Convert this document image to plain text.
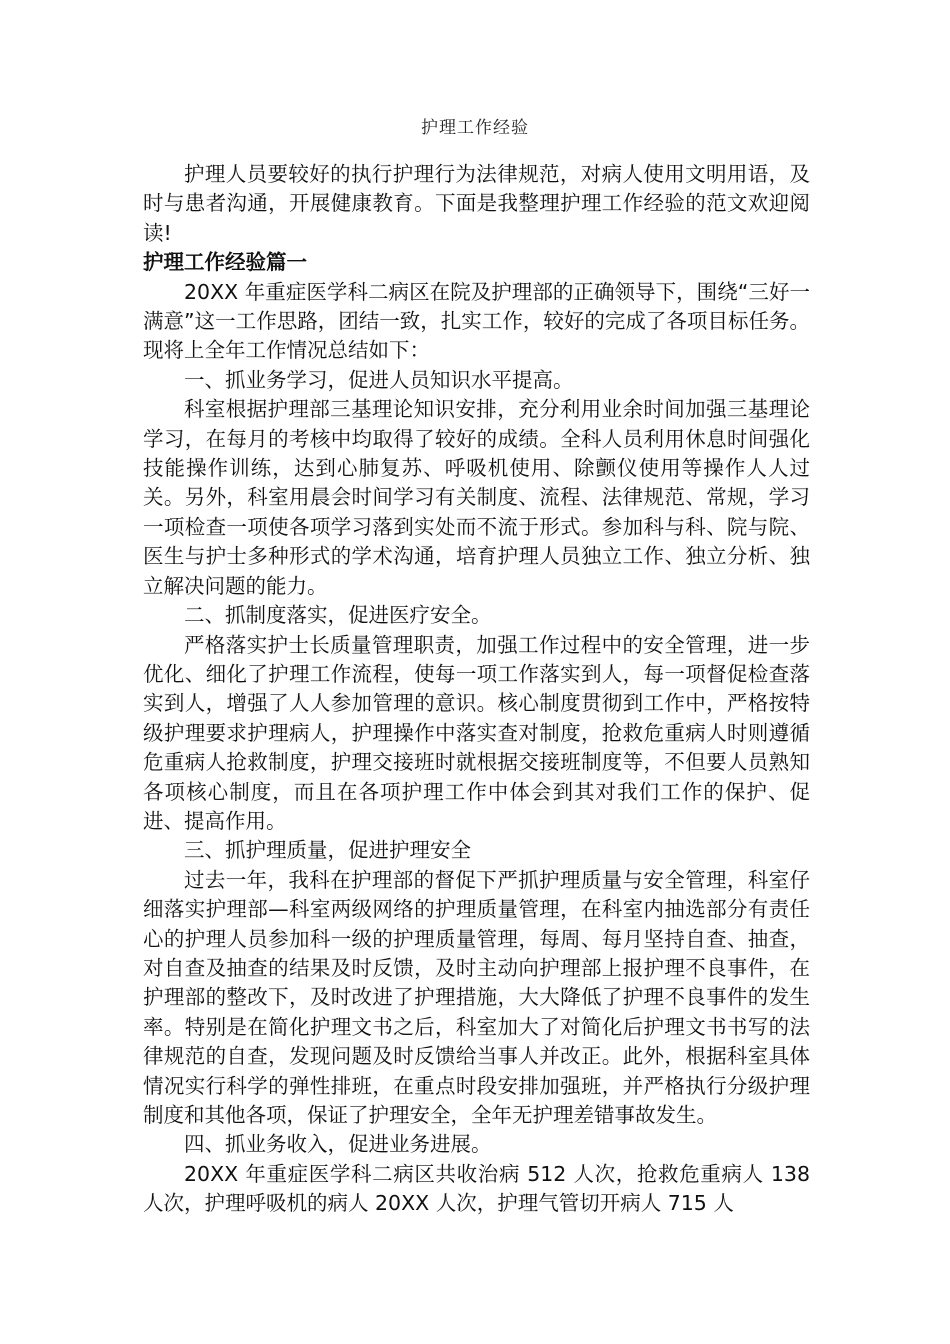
护理工作经验

护理人员要较好的执行护理行为法律规范，对病人使用文明用语，及时与患者沟通，开展健康教育。下面是我整理护理工作经验的范文欢迎阅读!

护理工作经验篇一

20XX 年重症医学科二病区在院及护理部的正确领导下，围绕“三好一满意”这一工作思路，团结一致，扎实工作，较好的完成了各项目标任务。现将上全年工作情况总结如下：

一、抓业务学习，促进人员知识水平提高。

科室根据护理部三基理论知识安排，充分利用业余时间加强三基理论学习，在每月的考核中均取得了较好的成绩。全科人员利用休息时间强化技能操作训练，达到心肺复苏、呼吸机使用、除颤仪使用等操作人人过关。另外，科室用晨会时间学习有关制度、流程、法律规范、常规，学习一项检查一项使各项学习落到实处而不流于形式。参加科与科、院与院、医生与护士多种形式的学术沟通，培育护理人员独立工作、独立分析、独立解决问题的能力。

二、抓制度落实，促进医疗安全。

严格落实护士长质量管理职责，加强工作过程中的安全管理，进一步优化、细化了护理工作流程，使每一项工作落实到人，每一项督促检查落实到人，增强了人人参加管理的意识。核心制度贯彻到工作中，严格按特级护理要求护理病人，护理操作中落实查对制度，抢救危重病人时则遵循危重病人抢救制度，护理交接班时就根据交接班制度等，不但要人员熟知各项核心制度，而且在各项护理工作中体会到其对我们工作的保护、促进、提高作用。

三、抓护理质量，促进护理安全

过去一年，我科在护理部的督促下严抓护理质量与安全管理，科室仔细落实护理部—科室两级网络的护理质量管理，在科室内抽选部分有责任心的护理人员参加科一级的护理质量管理，每周、每月坚持自查、抽查，对自查及抽查的结果及时反馈，及时主动向护理部上报护理不良事件，在护理部的整改下，及时改进了护理措施，大大降低了护理不良事件的发生率。特别是在简化护理文书之后，科室加大了对简化后护理文书书写的法律规范的自查，发现问题及时反馈给当事人并改正。此外，根据科室具体情况实行科学的弹性排班，在重点时段安排加强班，并严格执行分级护理制度和其他各项，保证了护理安全，全年无护理差错事故发生。

四、抓业务收入，促进业务进展。

20XX 年重症医学科二病区共收治病 512 人次，抢救危重病人 138 人次，护理呼吸机的病人 20XX 人次，护理气管切开病人 715 人
